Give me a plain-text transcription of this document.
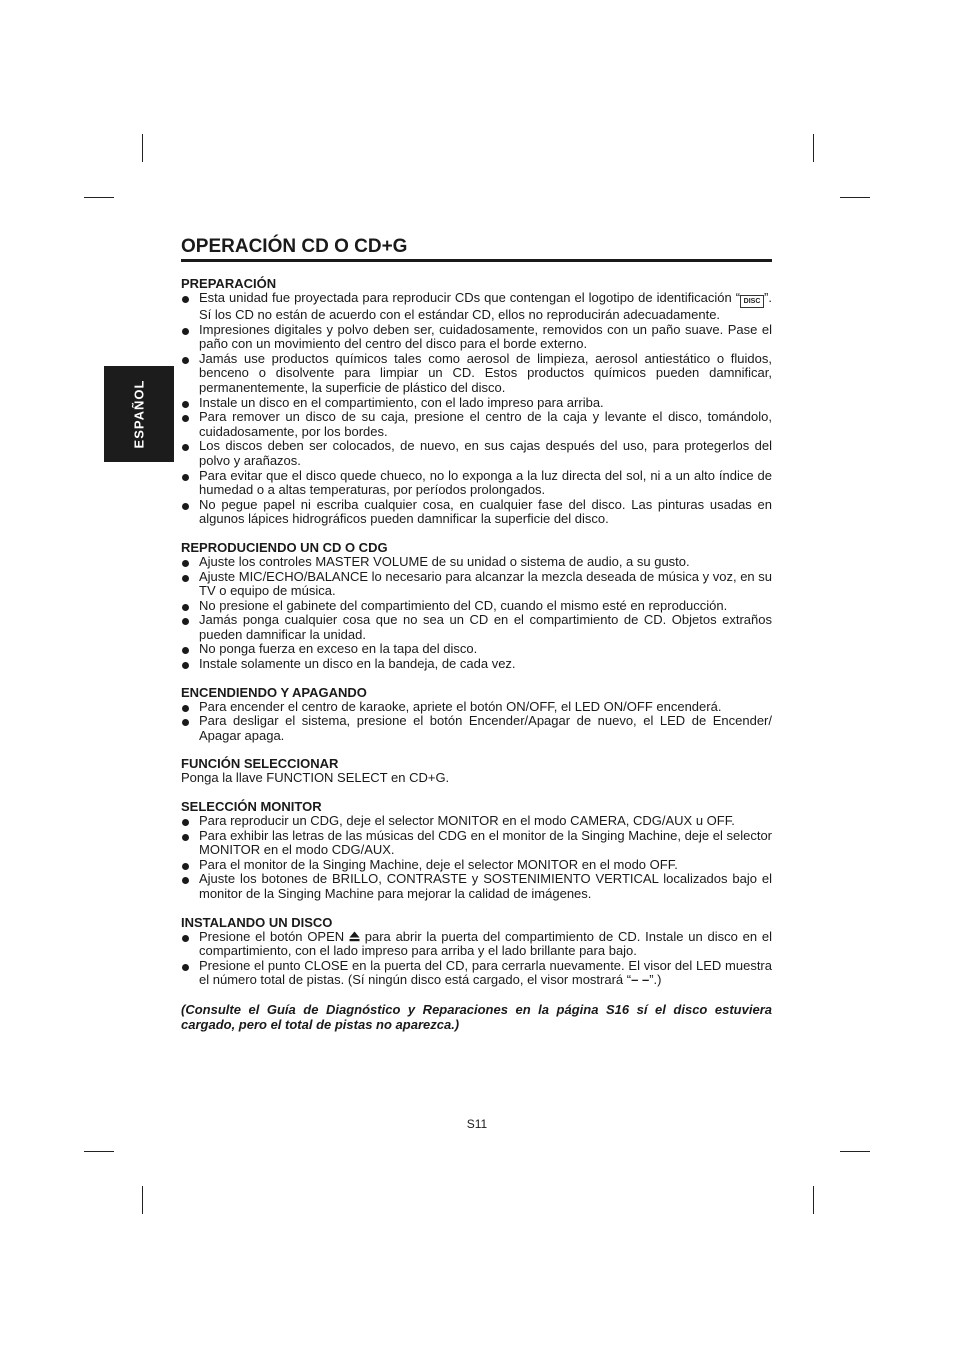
ESPAÑOL
OPERACIÓN CD O CD+G

PREPARACIÓN

Esta unidad fue proyectada para reproducir CDs que contengan el logotipo de identificación “ DISC ”. Sí los CD no están de acuerdo con el estándar CD, ellos no reproducirán adecuadamente.
Impresiones digitales y polvo deben ser, cuidadosamente, removidos con un paño suave. Pase el paño con un movimiento del centro del disco para el borde externo.
Jamás use productos químicos tales como aerosol de limpieza, aerosol antiestático o fluidos, benceno o disolvente para limpiar un CD. Estos productos químicos pueden damnificar, permanentemente, la superficie de plástico del disco.
Instale un disco en el compartimiento, con el lado impreso para arriba.
Para remover un disco de su caja, presione el centro de la caja y levante el disco, tomándolo, cuidadosamente, por los bordes.
Los discos deben ser colocados, de nuevo, en sus cajas después del uso, para protegerlos del polvo y arañazos.
Para evitar que el disco quede chueco, no lo exponga a la luz directa del sol, ni a un alto índice de humedad o a altas temperaturas, por períodos prolongados.
No pegue papel ni escriba cualquier cosa, en cualquier fase del disco. Las pinturas usadas en algunos lápices hidrográficos pueden damnificar la superficie del disco.

REPRODUCIENDO UN CD O CDG

Ajuste los controles MASTER VOLUME de su unidad o sistema de audio, a su gusto.
Ajuste MIC/ECHO/BALANCE lo necesario para alcanzar la mezcla deseada de música y voz, en su TV o equipo de música.
No presione el gabinete del compartimiento del CD, cuando el mismo esté en reproducción.
Jamás ponga cualquier cosa que no sea un CD en el compartimiento de CD. Objetos extraños pueden damnificar la unidad.
No ponga fuerza en exceso en la tapa del disco.
Instale solamente un disco en la bandeja, de cada vez.

ENCENDIENDO Y APAGANDO

Para encender el centro de karaoke, apriete el botón ON/OFF, el LED ON/OFF encenderá.
Para desligar el sistema, presione el botón Encender/Apagar de nuevo, el LED de Encender/ Apagar apaga.

FUNCIÓN SELECCIONAR

Ponga la llave FUNCTION SELECT en CD+G.

SELECCIÓN MONITOR

Para reproducir un CDG, deje el selector MONITOR en el modo CAMERA, CDG/AUX u OFF.
Para exhibir las letras de las músicas del CDG en el monitor de la Singing Machine, deje el selector MONITOR en el modo CDG/AUX.
Para el monitor de la Singing Machine, deje el selector MONITOR en el modo OFF.
Ajuste los botones de BRILLO, CONTRASTE y SOSTENIMIENTO VERTICAL localizados bajo el monitor de la Singing Machine para mejorar la calidad de imágenes.

INSTALANDO UN DISCO

Presione el botón OPEN para abrir la puerta del compartimiento de CD. Instale un disco en el compartimiento, con el lado impreso para arriba y el lado brillante para bajo.
Presione el punto CLOSE en la puerta del CD, para cerrarla nuevamente. El visor del LED muestra el número total de pistas. (Sí ningún disco está cargado, el visor mostrará “– –”.)

(Consulte el Guía de Diagnóstico y Reparaciones en la página S16 sí el disco estuviera cargado, pero el total de pistas no aparezca.)

S11
